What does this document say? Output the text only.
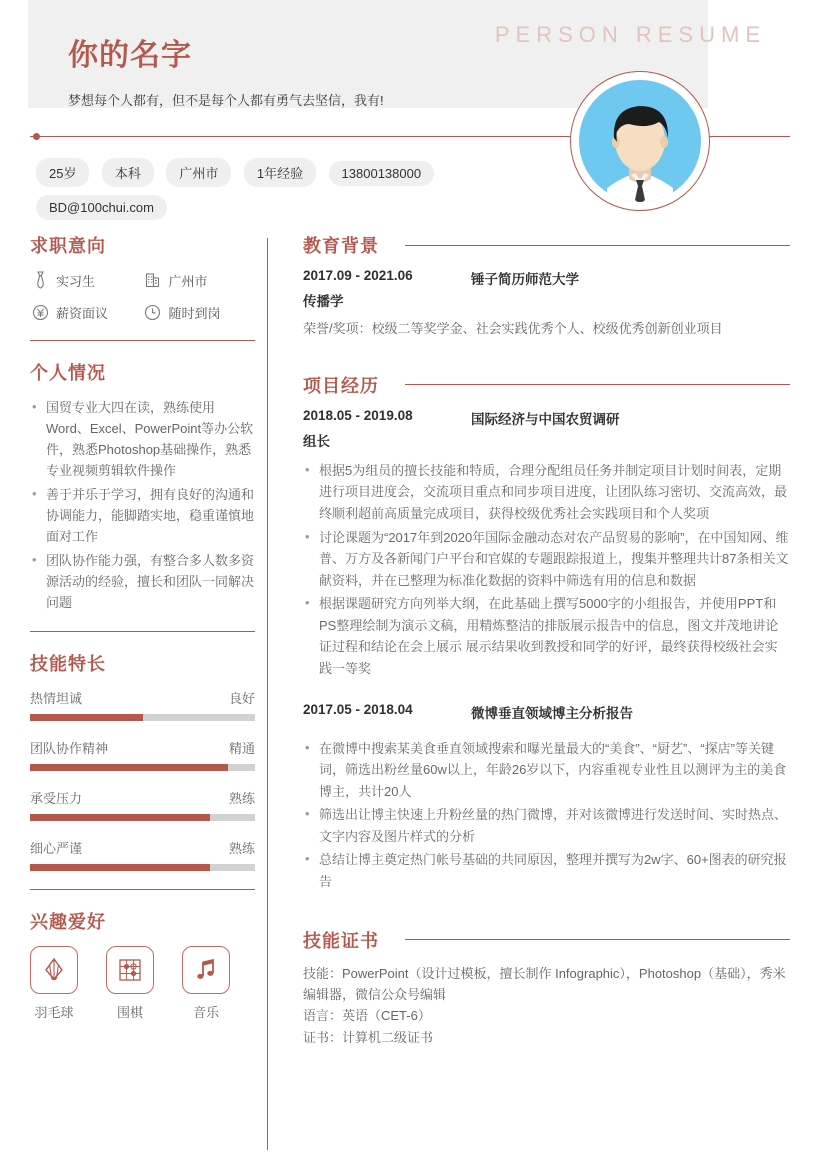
PERSON RESUME
你的名字
梦想每个人都有，但不是每个人都有勇气去坚信，我有!
25岁	本科	广州市	1年经验	13800138000
BD@100chui.com
求职意向
实习生	广州市
薪资面议	随时到岗
个人情况
• 国贸专业大四在读，熟练使用Word、Excel、PowerPoint等办公软件，熟悉Photoshop基础操作，熟悉专业视频剪辑软件操作
• 善于并乐于学习，拥有良好的沟通和协调能力，能脚踏实地，稳重谨慎地面对工作
• 团队协作能力强，有整合多人数多资源活动的经验，擅长和团队一同解决问题
技能特长
热情坦诚	良好
团队协作精神	精通
承受压力	熟练
细心严谨	熟练
兴趣爱好
羽毛球	围棋	音乐
教育背景
2017.09 - 2021.06	锤子简历师范大学
传播学
荣誉/奖项：校级二等奖学金、社会实践优秀个人、校级优秀创新创业项目
项目经历
2018.05 - 2019.08	国际经济与中国农贸调研
组长
• 根据5为组员的擅长技能和特质，合理分配组员任务并制定项目计划时间表，定期进行项目进度会，交流项目重点和同步项目进度，让团队练习密切、交流高效，最终顺利超前高质量完成项目，获得校级优秀社会实践项目和个人奖项
• 讨论课题为“2017年到2020年国际金融动态对农产品贸易的影响”，在中国知网、维普、万方及各新闻门户平台和官媒的专题跟踪报道上，搜集并整理共计87条相关文献资料，并在已整理为标准化数据的资料中筛选有用的信息和数据
• 根据课题研究方向列举大纲，在此基础上撰写5000字的小组报告，并使用PPT和PS整理绘制为演示文稿，用精炼整洁的排版展示报告中的信息，图文并茂地讲论证过程和结论在会上展示 展示结果收到教授和同学的好评，最终获得校级社会实践一等奖
2017.05 - 2018.04	微博垂直领域博主分析报告
• 在微博中搜索某美食垂直领域搜索和曝光量最大的“美食”、“厨艺”、“探店”等关键词，筛选出粉丝量60w以上，年龄26岁以下，内容重视专业性且以测评为主的美食博主，共计20人
• 筛选出让博主快速上升粉丝量的热门微博，并对该微博进行发送时间、实时热点、文字内容及图片样式的分析
• 总结让博主奠定热门帐号基础的共同原因，整理并撰写为2w字、60+图表的研究报告
技能证书

技能：PowerPoint（设计过模板，擅长制作 Infographic），Photoshop（基础），秀米编辑器，微信公众号编辑

语言：英语（CET-6）

证书：计算机二级证书
